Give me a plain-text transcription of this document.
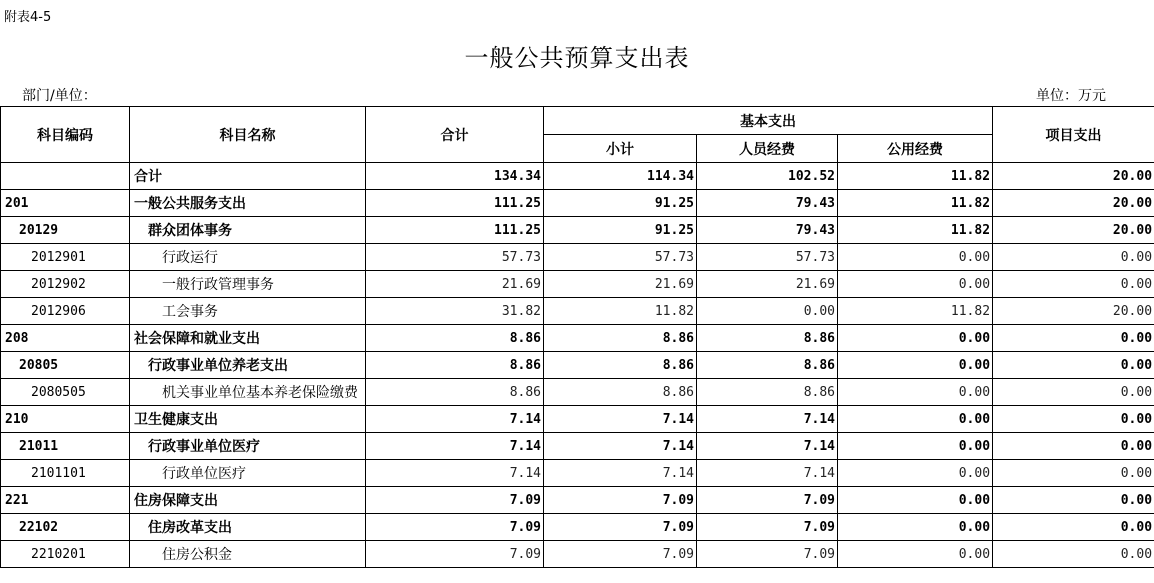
附表4-5
一般公共预算支出表
部门/单位：	单位：万元
科目编码	科目名称	合计	基本支出			项目支出
			小计	人员经费	公用经费	
	合计	134.34	114.34	102.52	11.82	20.00
201	一般公共服务支出	111.25	91.25	79.43	11.82	20.00
20129	群众团体事务	111.25	91.25	79.43	11.82	20.00
2012901	行政运行	57.73	57.73	57.73	0.00	0.00
2012902	一般行政管理事务	21.69	21.69	21.69	0.00	0.00
2012906	工会事务	31.82	11.82	0.00	11.82	20.00
208	社会保障和就业支出	8.86	8.86	8.86	0.00	0.00
20805	行政事业单位养老支出	8.86	8.86	8.86	0.00	0.00
2080505	机关事业单位基本养老保险缴费	8.86	8.86	8.86	0.00	0.00
210	卫生健康支出	7.14	7.14	7.14	0.00	0.00
21011	行政事业单位医疗	7.14	7.14	7.14	0.00	0.00
2101101	行政单位医疗	7.14	7.14	7.14	0.00	0.00
221	住房保障支出	7.09	7.09	7.09	0.00	0.00
22102	住房改革支出	7.09	7.09	7.09	0.00	0.00
2210201	住房公积金	7.09	7.09	7.09	0.00	0.00
